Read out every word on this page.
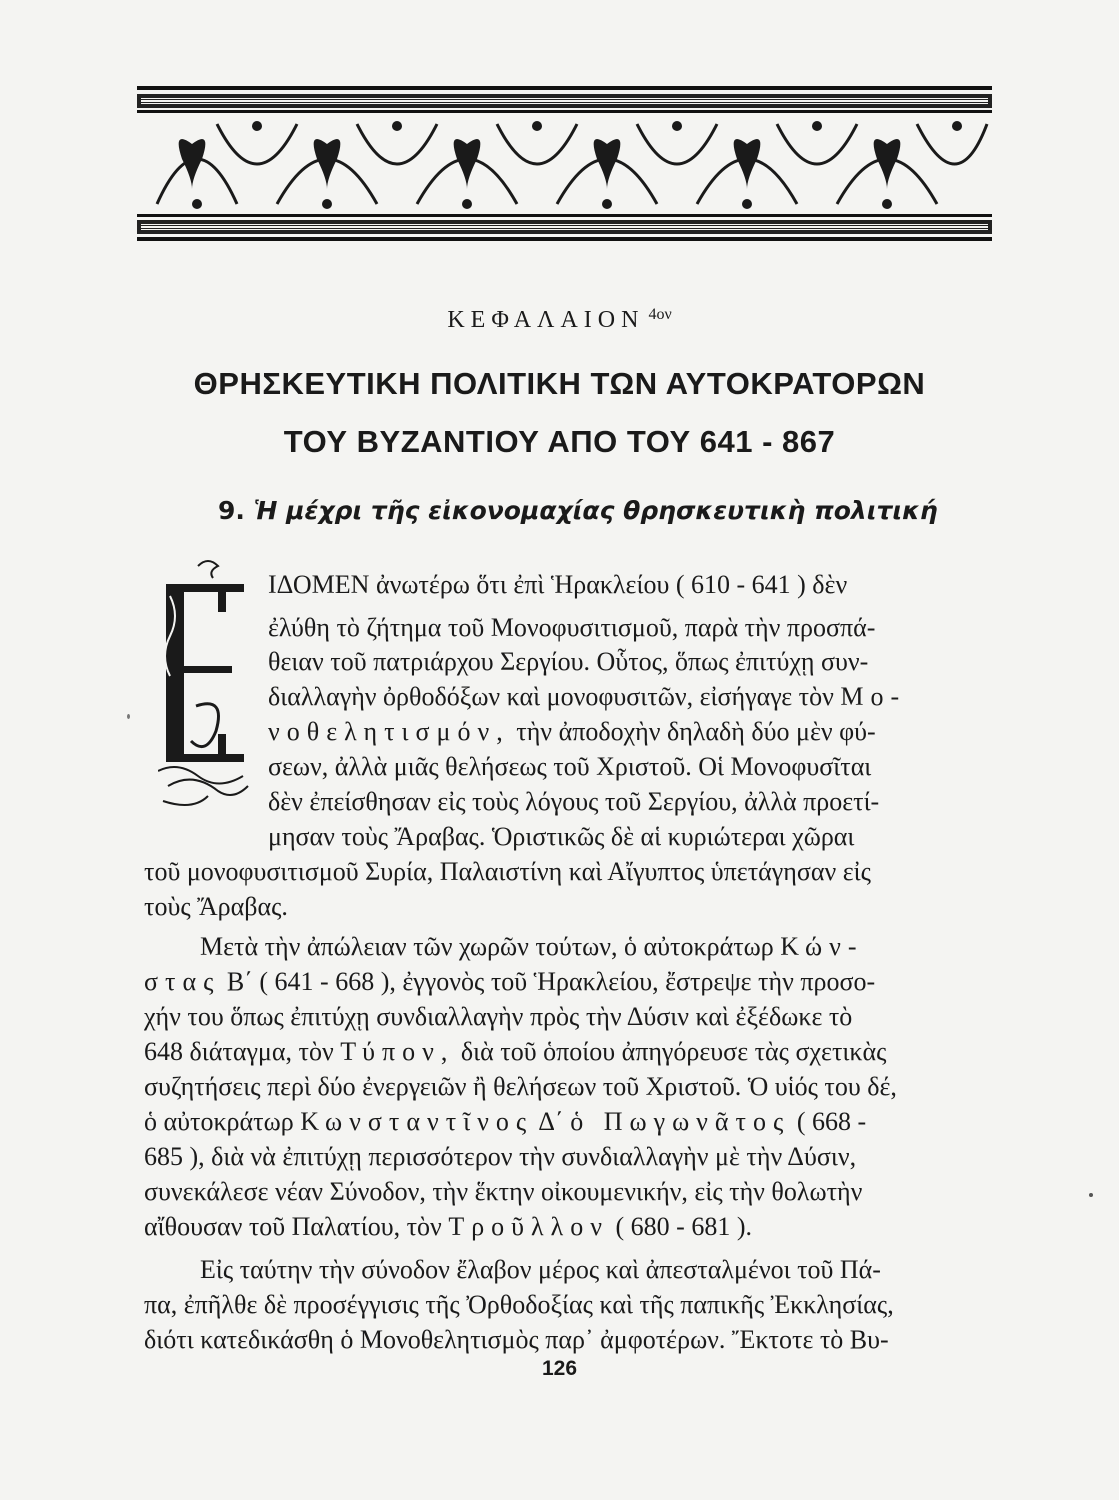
ΚΕΦΑΛΑΙΟΝ $^{4o\nu}$
ΘΡΗΣΚΕΥΤΙΚΗ ΠΟΛΙΤΙΚΗ ΤΩΝ ΑΥΤΟΚΡΑΤΟΡΩΝ
ΤΟΥ ΒΥΖΑΝΤΙΟΥ ΑΠΟ ΤΟΥ 641 - 867
9. Ἡ μέχρι τῆς εἰκονομαχίας θρησκευτικὴ πολιτική
ΙΔΟΜΕΝ ἀνωτέρω ὅτι ἐπὶ Ἡρακλείου ( 610 - 641 ) δὲν
ἐλύθη τὸ ζήτημα τοῦ Μονοφυσιτισμοῦ, παρὰ τὴν προσπά-
θειαν τοῦ πατριάρχου Σεργίου. Οὗτος, ὅπως ἐπιτύχῃ συν-
διαλλαγὴν ὀρθοδόξων καὶ μονοφυσιτῶν, εἰσήγαγε τὸν Μο-
νοθελητισμόν, τὴν ἀποδοχὴν δηλαδὴ δύο μὲν φύ-
σεων, ἀλλὰ μιᾶς θελήσεως τοῦ Χριστοῦ. Οἱ Μονοφυσῖται
δὲν ἐπείσθησαν εἰς τοὺς λόγους τοῦ Σεργίου, ἀλλὰ προετί-
μησαν τοὺς Ἄραβας. Ὁριστικῶς δὲ αἱ κυριώτεραι χῶραι
τοῦ μονοφυσιτισμοῦ Συρία, Παλαιστίνη καὶ Αἴγυπτος ὑπετάγησαν εἰς
τοὺς Ἄραβας.
Μετὰ τὴν ἀπώλειαν τῶν χωρῶν τούτων, ὁ αὐτοκράτωρ Κών-
στας Β΄ ( 641 - 668 ), ἐγγονὸς τοῦ Ἡρακλείου, ἔστρεψε τὴν προσο-
χήν του ὅπως ἐπιτύχῃ συνδιαλλαγὴν πρὸς τὴν Δύσιν καὶ ἐξέδωκε τὸ
648 διάταγμα, τὸν Τύπον, διὰ τοῦ ὁποίου ἀπηγόρευσε τὰς σχετικὰς
συζητήσεις περὶ δύο ἐνεργειῶν ἢ θελήσεων τοῦ Χριστοῦ. Ὁ υἱός του δέ,
ὁ αὐτοκράτωρ Κωνσταντῖνος Δ΄ ὁ Πωγωνᾶτος ( 668 -
685 ), διὰ νὰ ἐπιτύχῃ περισσότερον τὴν συνδιαλλαγὴν μὲ τὴν Δύσιν,
συνεκάλεσε νέαν Σύνοδον, τὴν ἕκτην οἰκουμενικήν, εἰς τὴν θολωτὴν
αἴθουσαν τοῦ Παλατίου, τὸν Τροῦλλον ( 680 - 681 ).
Εἰς ταύτην τὴν σύνοδον ἔλαβον μέρος καὶ ἀπεσταλμένοι τοῦ Πά-
πα, ἐπῆλθε δὲ προσέγγισις τῆς Ὀρθοδοξίας καὶ τῆς παπικῆς Ἐκκλησίας,
διότι κατεδικάσθη ὁ Μονοθελητισμὸς παρ᾽ ἀμφοτέρων. Ἔκτοτε τὸ Βυ-
126
